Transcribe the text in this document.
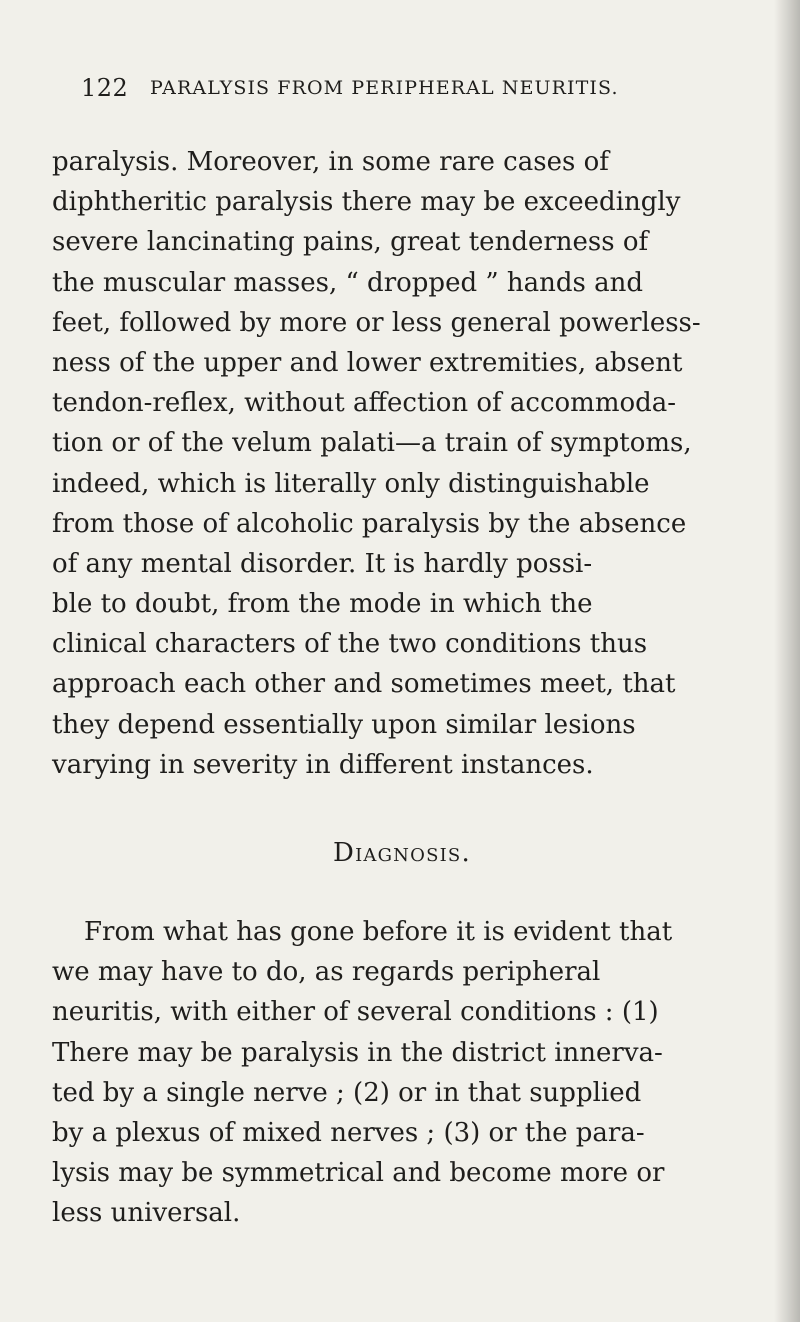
122 PARALYSIS FROM PERIPHERAL NEURITIS.
paralysis. Moreover, in some rare cases of
diphtheritic paralysis there may be exceedingly
severe lancinating pains, great tenderness of
the muscular masses, “ dropped ” hands and
feet, followed by more or less general powerless-
ness of the upper and lower extremities, absent
tendon-reflex, without affection of accommoda-
tion or of the velum palati—a train of symptoms,
indeed, which is literally only distinguishable
from those of alcoholic paralysis by the absence
of any mental disorder. It is hardly possi-
ble to doubt, from the mode in which the
clinical characters of the two conditions thus
approach each other and sometimes meet, that
they depend essentially upon similar lesions
varying in severity in different instances.
Diagnosis.
From what has gone before it is evident that
we may have to do, as regards peripheral
neuritis, with either of several conditions : (1)
There may be paralysis in the district innerva-
ted by a single nerve ; (2) or in that supplied
by a plexus of mixed nerves ; (3) or the para-
lysis may be symmetrical and become more or
less universal.
